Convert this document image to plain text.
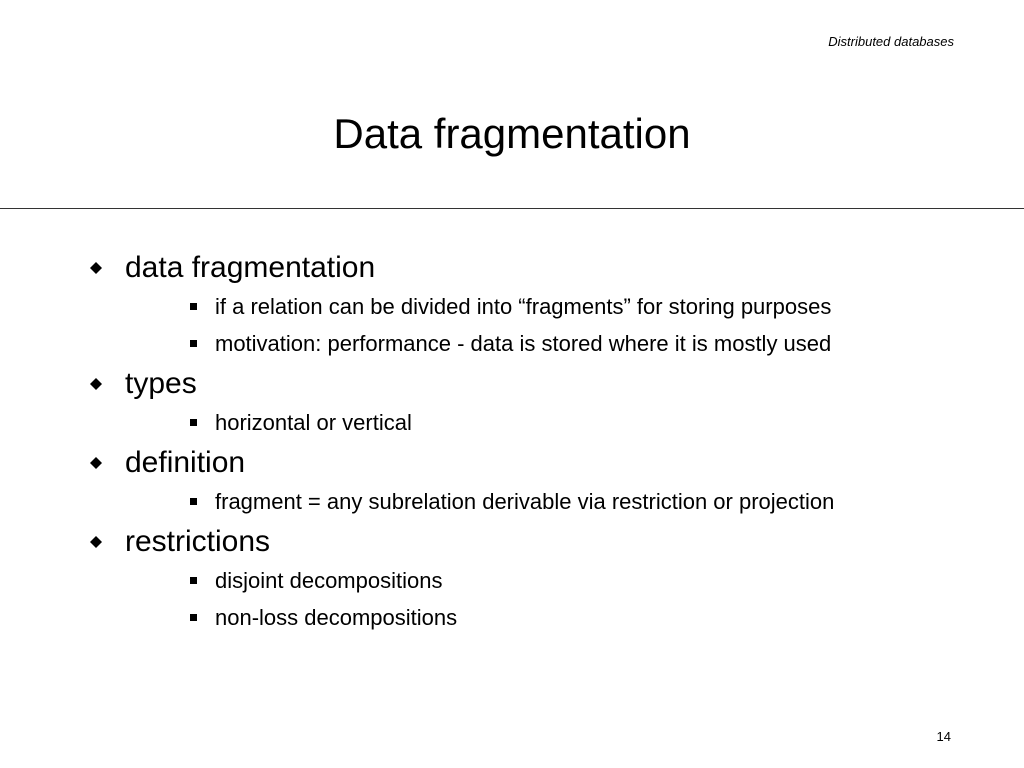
Distributed databases
Data fragmentation
data fragmentation
if a relation can be divided into “fragments” for storing purposes
motivation: performance - data is stored where it is mostly used
types
horizontal or vertical
definition
fragment = any subrelation derivable via restriction or projection
restrictions
disjoint decompositions
non-loss decompositions
14
